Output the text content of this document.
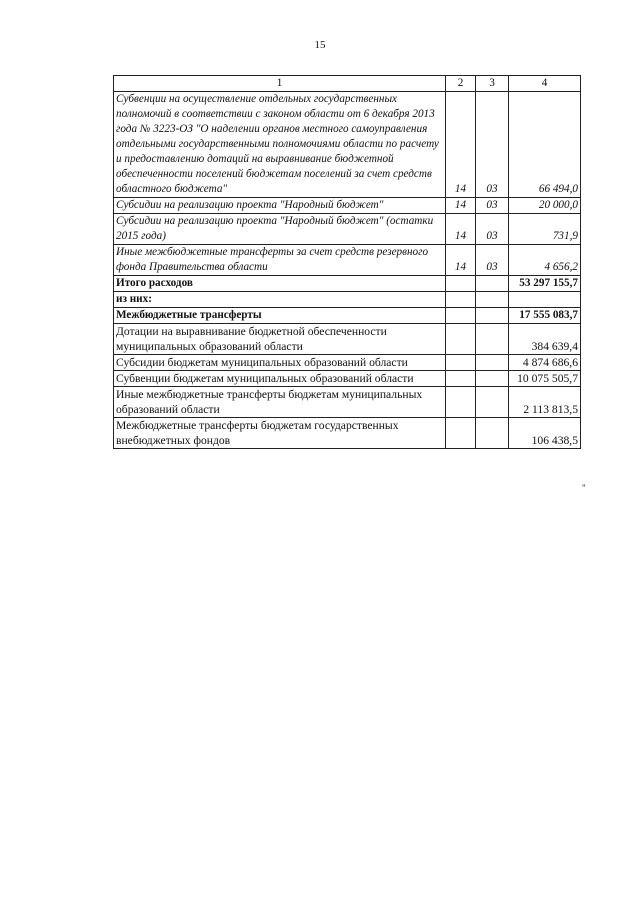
15
1	2	3	4
Субвенции на осуществление отдельных государственных полномочий в соответствии с законом области от 6 декабря 2013 года № 3223-ОЗ "О наделении органов местного самоуправления отдельными государственными полномочиями области по расчету и предоставлению дотаций на выравнивание бюджетной обеспеченности поселений бюджетам поселений за счет средств областного бюджета"	14	03	66 494,0
Субсидии на реализацию проекта "Народный бюджет"	14	03	20 000,0
Субсидии на реализацию проекта "Народный бюджет" (остатки 2015 года)	14	03	731,9
Иные межбюджетные трансферты за счет средств резервного фонда Правительства области	14	03	4 656,2
Итого расходов			53 297 155,7
из них:			
Межбюджетные трансферты			17 555 083,7
Дотации на выравнивание бюджетной обеспеченности муниципальных образований области			384 639,4
Субсидии бюджетам муниципальных образований области			4 874 686,6
Субвенции бюджетам муниципальных образований области			10 075 505,7
Иные межбюджетные трансферты бюджетам муниципальных образований области			2 113 813,5
Межбюджетные трансферты бюджетам государственных внебюджетных фондов			106 438,5
"
